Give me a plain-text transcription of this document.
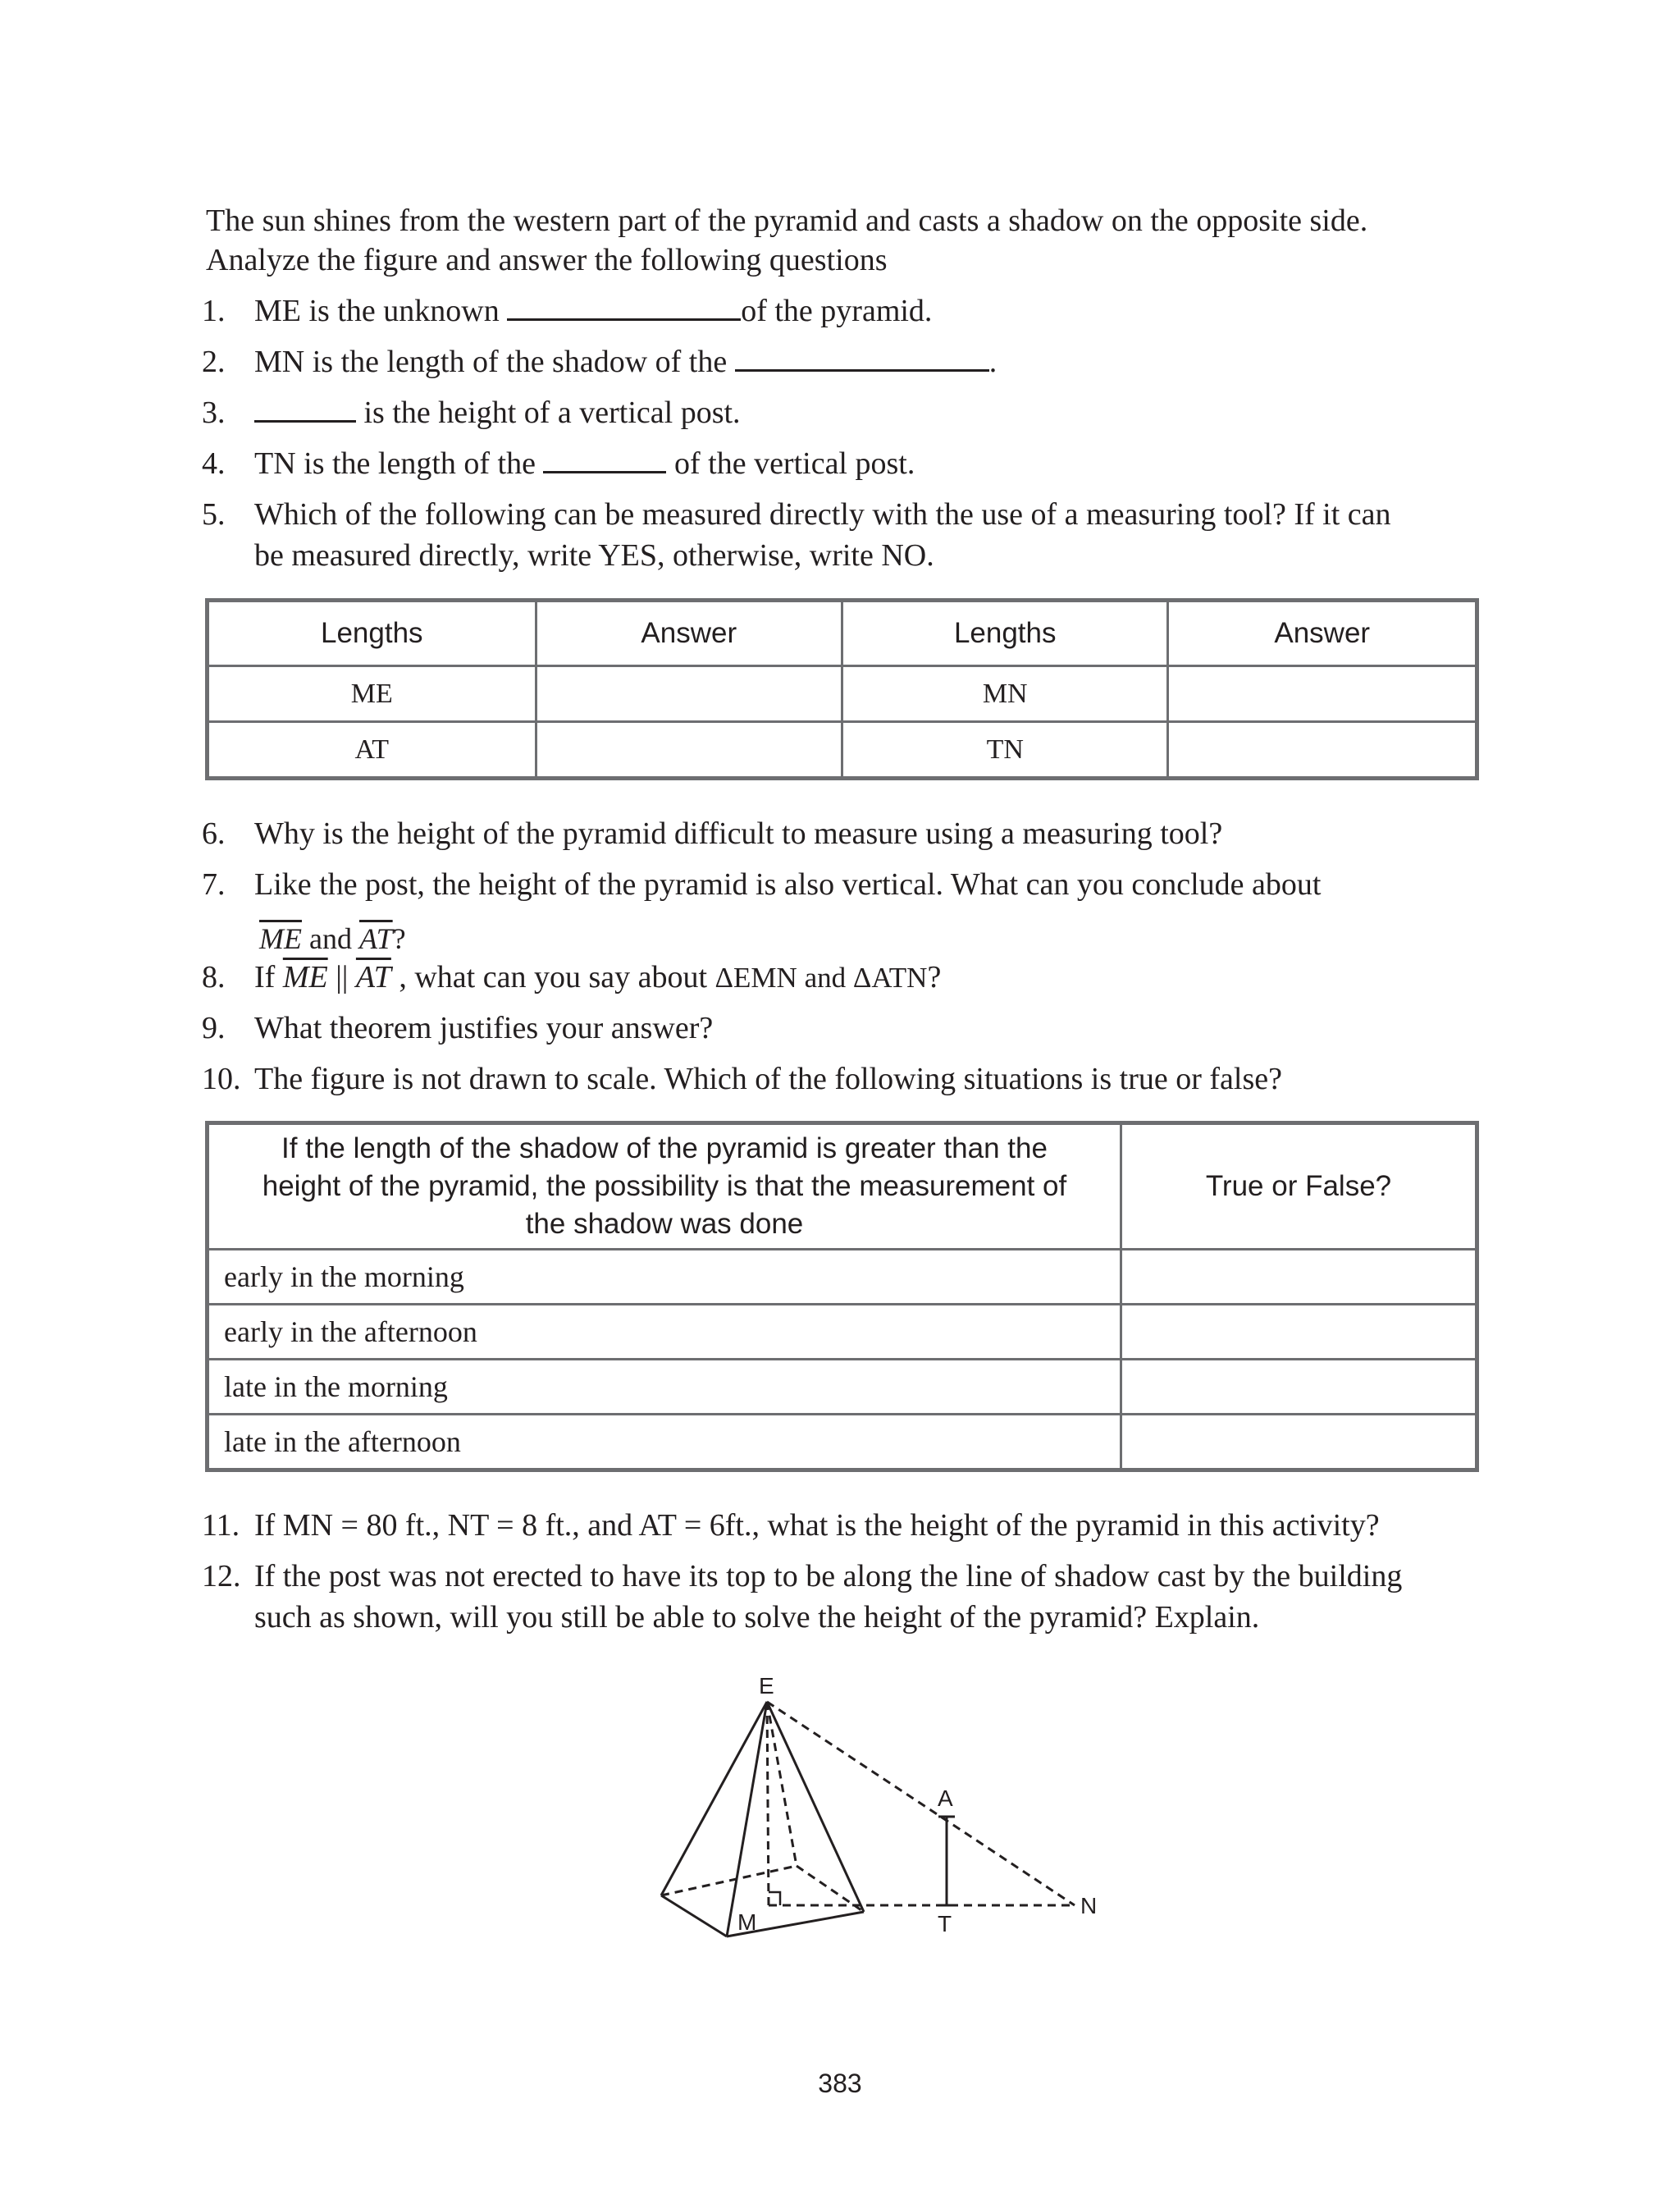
The sun shines from the western part of the pyramid and casts a shadow on the opposite side.
Analyze the figure and answer the following questions
1. ME is the unknown	of the pyramid.
2. MN is the length of the shadow of the	.
3.	is the height of a vertical post.
4. TN is the length of the	of the vertical post.
5. Which of the following can be measured directly with the use of a measuring tool? If it can
be measured directly, write YES, otherwise, write NO.
Lengths	Answer	Lengths	Answer
ME		MN	
AT		TN	
6. Why is the height of the pyramid difficult to measure using a measuring tool?
7. Like the post, the height of the pyramid is also vertical. What can you conclude about
$\overline{ME}$ and $\overline{AT}$?
8. If $\overline{ME}$ || $\overline{AT}$ , what can you say about ΔEMN and ΔATN?
9. What theorem justifies your answer?
10. The figure is not drawn to scale. Which of the following situations is true or false?
If the length of the shadow of the pyramid is greater than the height of the pyramid, the possibility is that the measurement of the shadow was done	True or False?
early in the morning	
early in the afternoon	
late in the morning	
late in the afternoon	
11. If MN = 80 ft., NT = 8 ft., and AT = 6ft., what is the height of the pyramid in this activity?
12. If the post was not erected to have its top to be along the line of shadow cast by the building
such as shown, will you still be able to solve the height of the pyramid? Explain.
E
A
M	T
N
383
